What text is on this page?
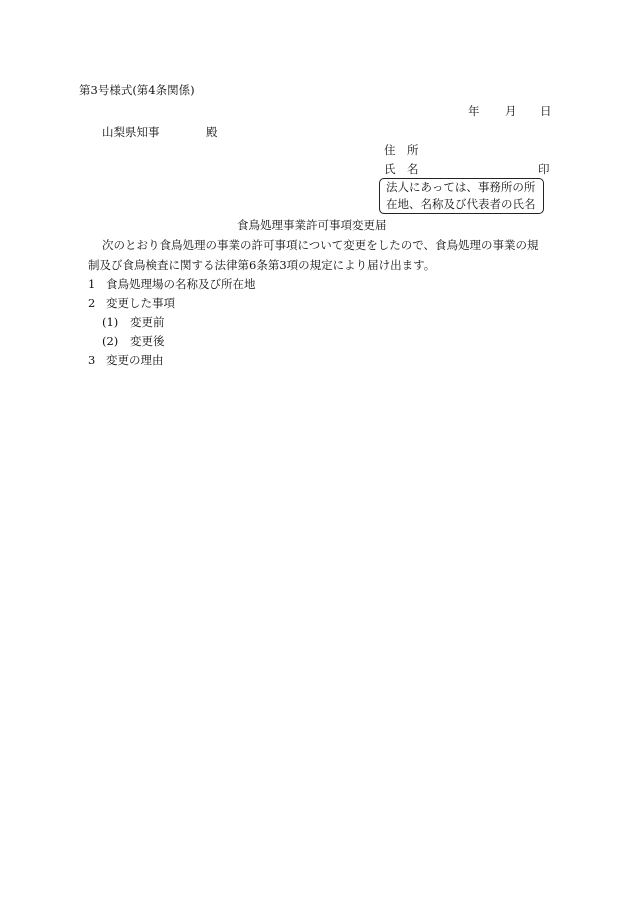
第3号様式(第4条関係)
年 月 日
山梨県知事	殿
住　所
氏　名	印
法人にあっては、事務所の所
在地、名称及び代表者の氏名
食鳥処理事業許可事項変更届
次のとおり食鳥処理の事業の許可事項について変更をしたので、食鳥処理の事業の規
制及び食鳥検査に関する法律第6条第3項の規定により届け出ます。
1 食鳥処理場の名称及び所在地
2 変更した事項
(1) 変更前
(2) 変更後
3 変更の理由
